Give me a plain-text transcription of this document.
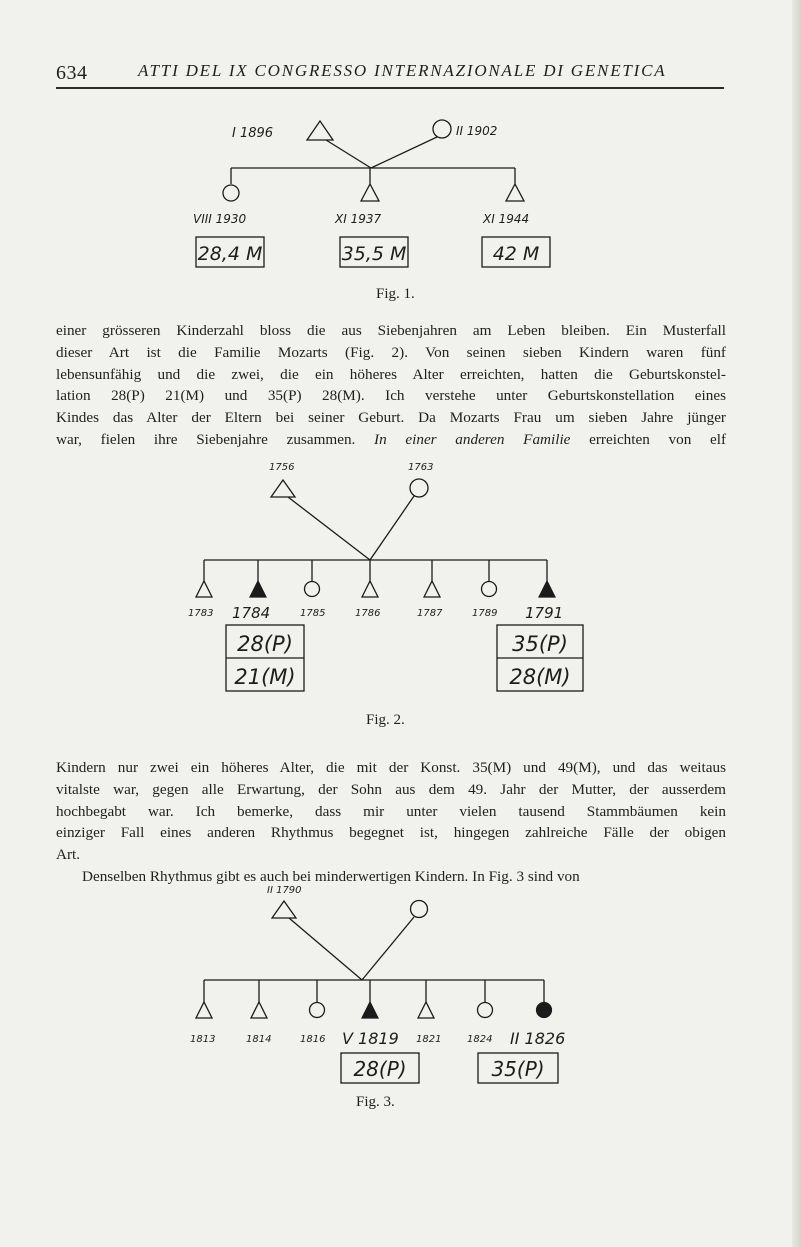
634	ATTI DEL IX CONGRESSO INTERNAZIONALE DI GENETICA
I 1896	II 1902
VIII 1930	XI 1937	XI 1944
28,4 M	35,5 M	42 M
Fig. 1.
einer grösseren Kinderzahl bloss die aus Siebenjahren am Leben bleiben. Ein Musterfall
dieser Art ist die Familie Mozarts (Fig. 2). Von seinen sieben Kindern waren fünf
lebensunfähig und die zwei, die ein höheres Alter erreichten, hatten die Geburtskonstel-
lation 28(P) 21(M) und 35(P) 28(M). Ich verstehe unter Geburtskonstellation eines
Kindes das Alter der Eltern bei seiner Geburt. Da Mozarts Frau um sieben Jahre jünger
war, fielen ihre Siebenjahre zusammen. In einer anderen Familie erreichten von elf
1756	1763
1783 1784	1785	1786	1787	1789 1791
28(P)
21(M)
35(P)
28(M)
Fig. 2.
Kindern nur zwei ein höheres Alter, die mit der Konst. 35(M) und 49(M), und das weitaus
vitalste war, gegen alle Erwartung, der Sohn aus dem 49. Jahr der Mutter, der ausserdem
hochbegabt war. Ich bemerke, dass mir unter vielen tausend Stammbäumen kein
einziger Fall eines anderen Rhythmus begegnet ist, hingegen zahlreiche Fälle der obigen
Art.
Denselben Rhythmus gibt es auch bei minderwertigen Kindern. In Fig. 3 sind von
II 1790
1813	1814	1816 V 1819 1821	1824 II 1826
28(P)	35(P)
Fig. 3.
